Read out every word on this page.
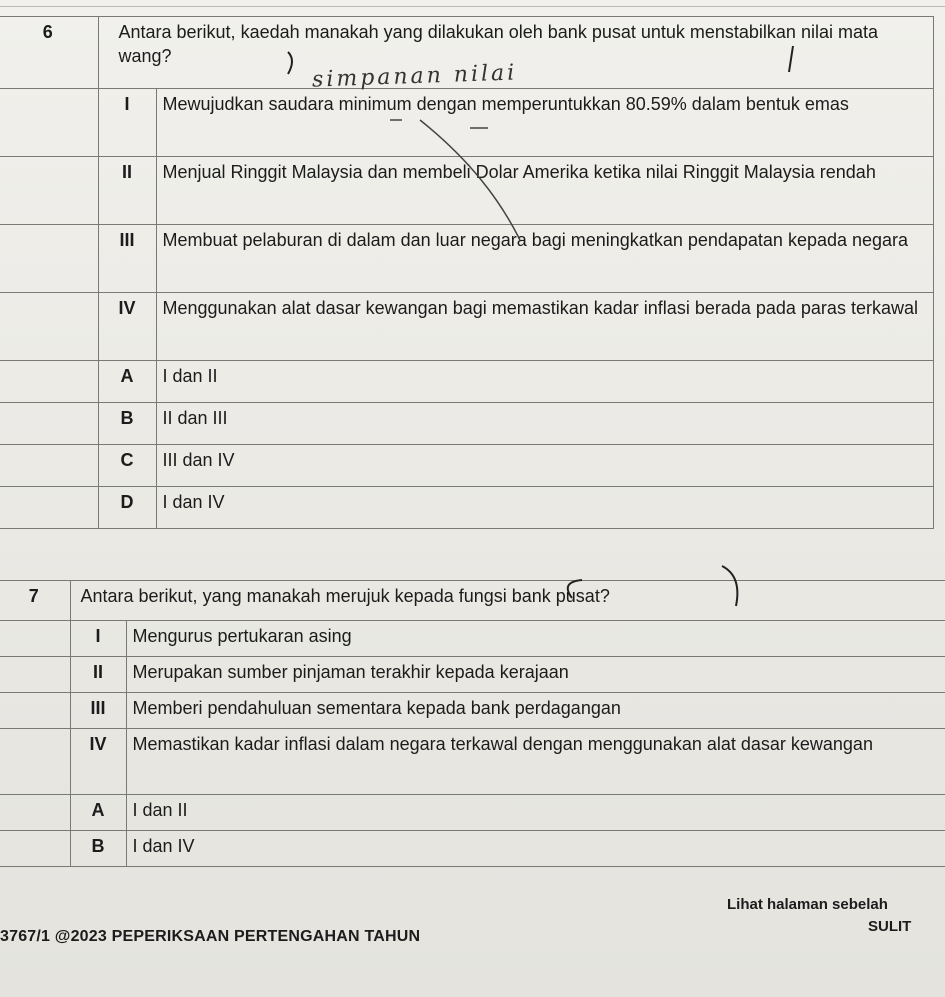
6	Antara berikut, kaedah manakah yang dilakukan oleh bank pusat untuk menstabilkan nilai mata wang?	
	I	Mewujudkan saudara minimum dengan memperuntukkan 80.59% dalam bentuk emas
	II	Menjual Ringgit Malaysia dan membeli Dolar Amerika ketika nilai Ringgit Malaysia rendah
	III	Membuat pelaburan di dalam dan luar negara bagi meningkatkan pendapatan kepada negara
	IV	Menggunakan alat dasar kewangan bagi memastikan kadar inflasi berada pada paras terkawal
	A	I dan II
	B	II dan III
	C	III dan IV
	D	I dan IV
simpanan nilai
7	Antara berikut, yang manakah merujuk kepada fungsi bank pusat?	
	I	Mengurus pertukaran asing
	II	Merupakan sumber pinjaman terakhir kepada kerajaan
	III	Memberi pendahuluan sementara kepada bank perdagangan
	IV	Memastikan kadar inflasi dalam negara terkawal dengan menggunakan alat dasar kewangan
	A	I dan II
	B	I dan IV
Lihat halaman sebelah
SULIT
3767/1 @2023 PEPERIKSAAN PERTENGAHAN TAHUN
